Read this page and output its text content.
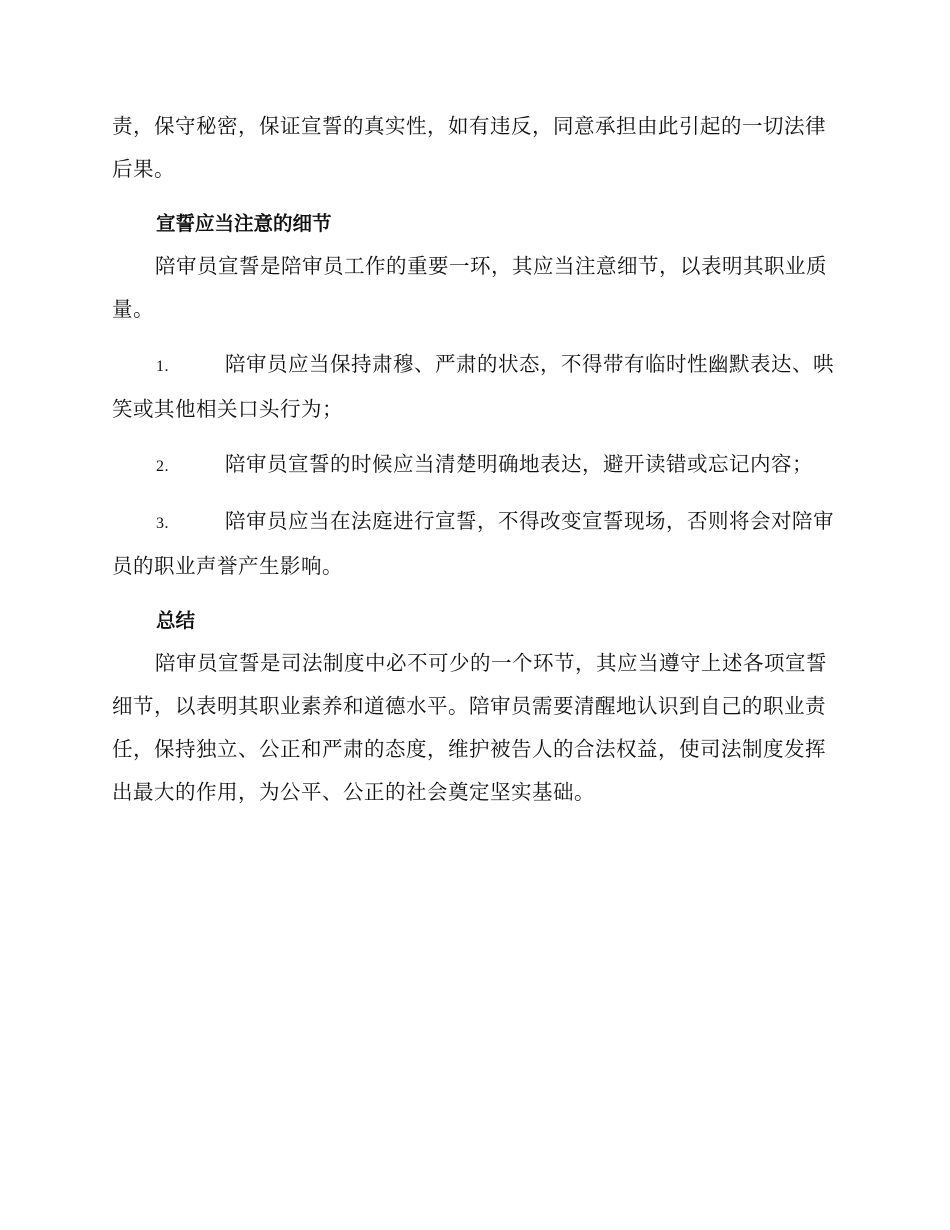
责，保守秘密，保证宣誓的真实性，如有违反，同意承担由此引起的一切法律后果。

宣誓应当注意的细节

陪审员宣誓是陪审员工作的重要一环，其应当注意细节，以表明其职业质量。

1.	陪审员应当保持肃穆、严肃的状态，不得带有临时性幽默表达、哄笑或其他相关口头行为；

2.	陪审员宣誓的时候应当清楚明确地表达，避开读错或忘记内容；

3.	陪审员应当在法庭进行宣誓，不得改变宣誓现场，否则将会对陪审员的职业声誉产生影响。

总结

陪审员宣誓是司法制度中必不可少的一个环节，其应当遵守上述各项宣誓细节，以表明其职业素养和道德水平。陪审员需要清醒地认识到自己的职业责任，保持独立、公正和严肃的态度，维护被告人的合法权益，使司法制度发挥出最大的作用，为公平、公正的社会奠定坚实基础。
